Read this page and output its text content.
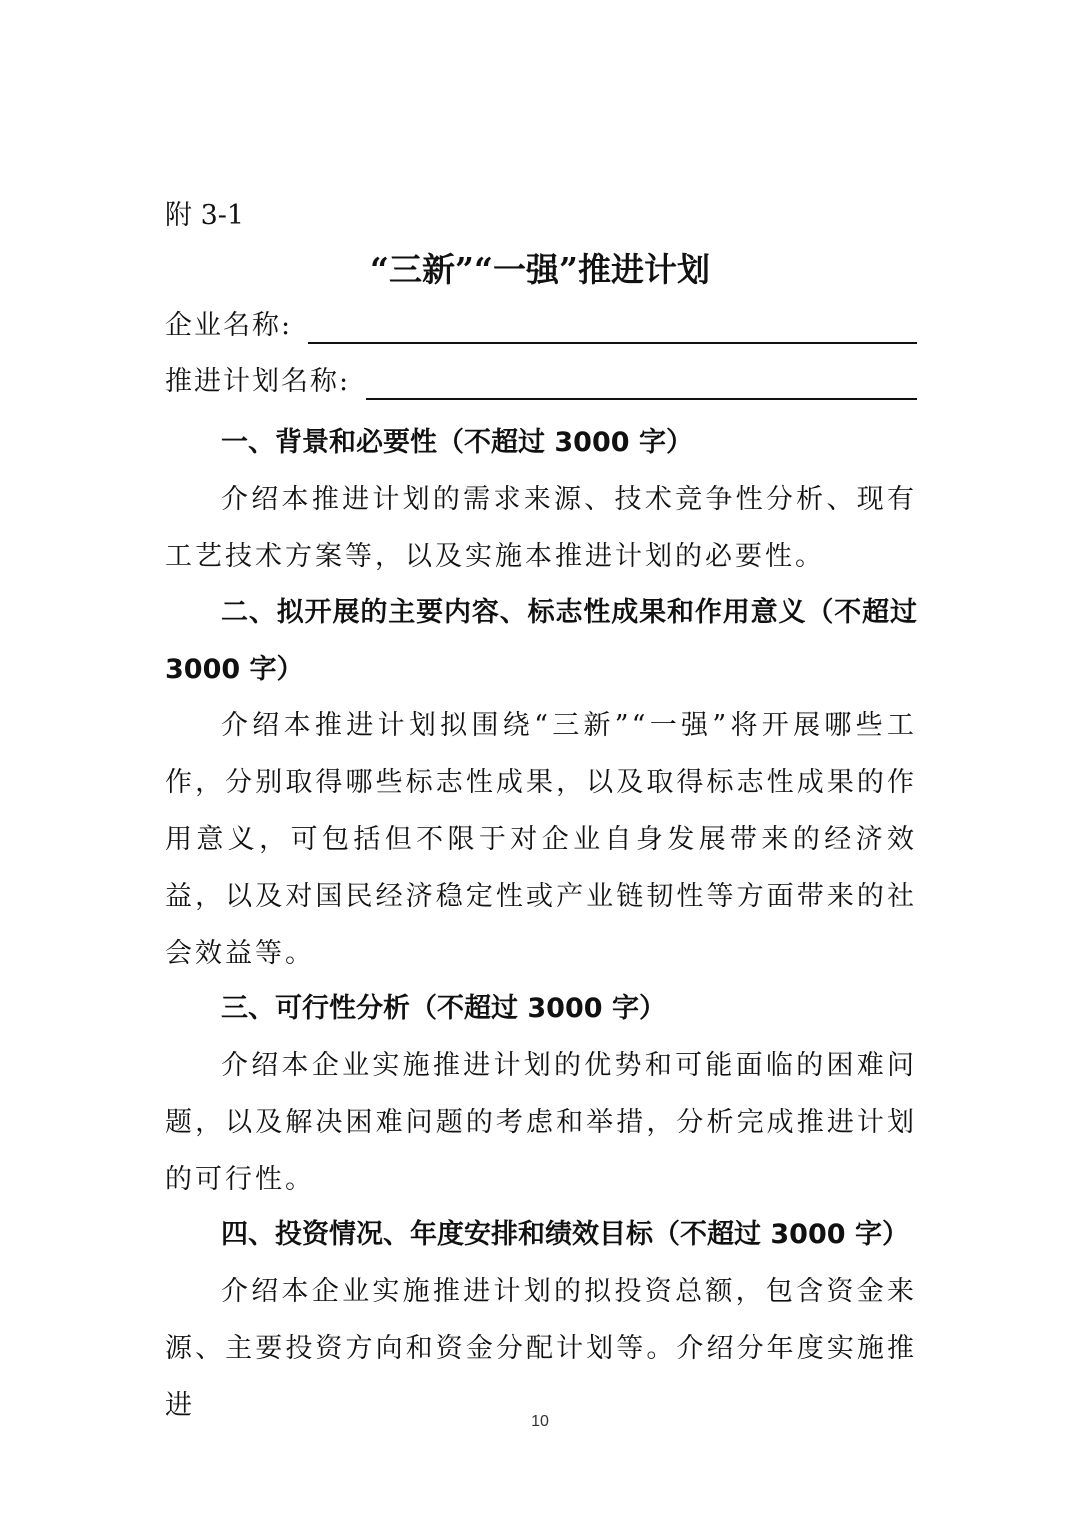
附 3-1
“三新”“一强”推进计划
企业名称:
推进计划名称:

一、背景和必要性（不超过 3000 字）

介绍本推进计划的需求来源、技术竞争性分析、现有工艺技术方案等，以及实施本推进计划的必要性。

二、拟开展的主要内容、标志性成果和作用意义（不超过 3000 字）

介绍本推进计划拟围绕“三新”“一强”将开展哪些工作，分别取得哪些标志性成果，以及取得标志性成果的作用意义，可包括但不限于对企业自身发展带来的经济效益，以及对国民经济稳定性或产业链韧性等方面带来的社会效益等。

三、可行性分析（不超过 3000 字）

介绍本企业实施推进计划的优势和可能面临的困难问题，以及解决困难问题的考虑和举措，分析完成推进计划的可行性。

四、投资情况、年度安排和绩效目标（不超过 3000 字）

介绍本企业实施推进计划的拟投资总额，包含资金来源、主要投资方向和资金分配计划等。介绍分年度实施推进

10
